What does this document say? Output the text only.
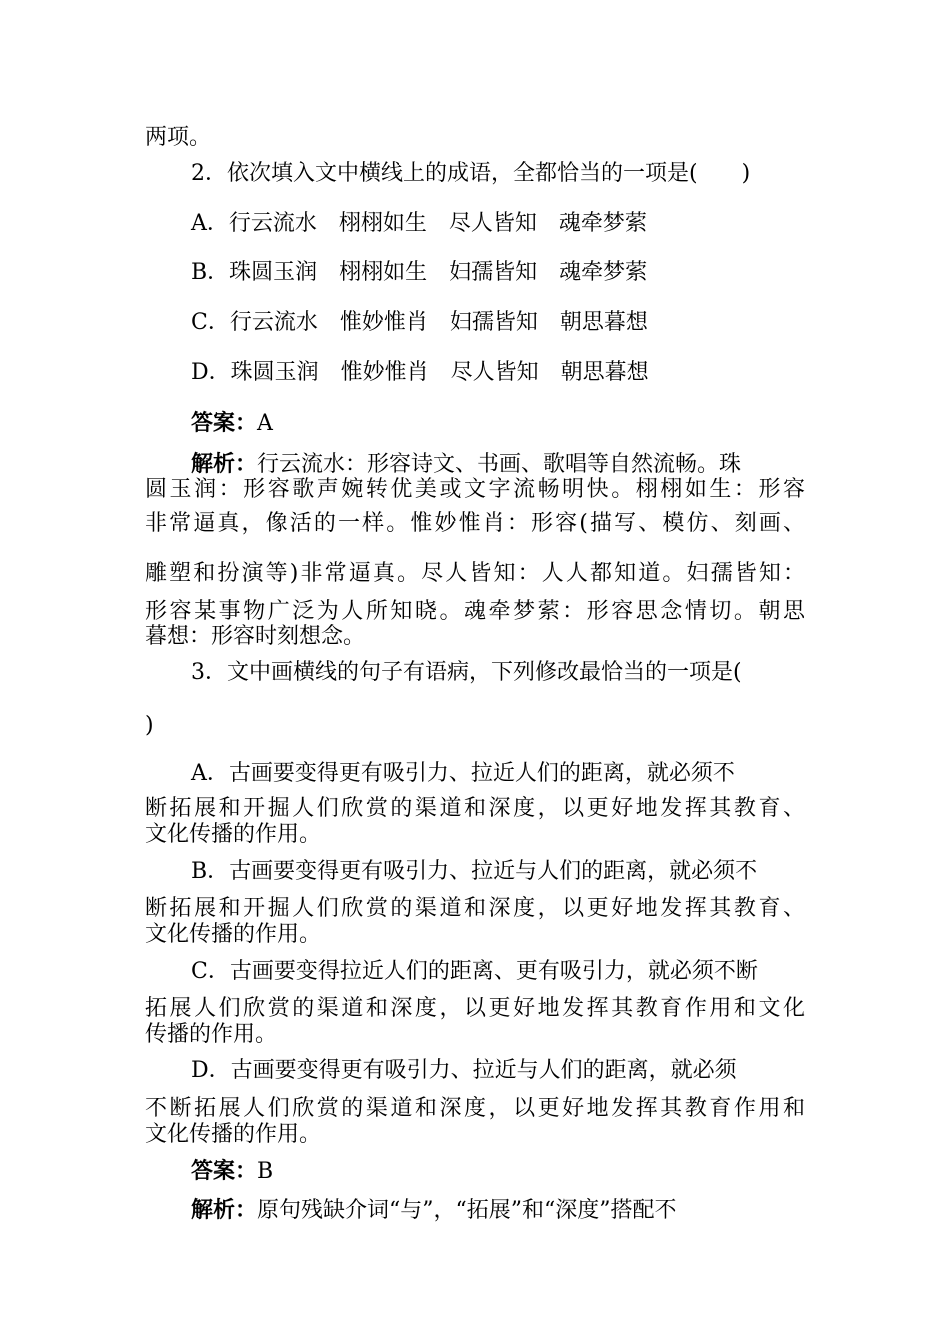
两项。
2．依次填入文中横线上的成语，全都恰当的一项是(　　)
A．行云流水　栩栩如生　尽人皆知　魂牵梦萦
B．珠圆玉润　栩栩如生　妇孺皆知　魂牵梦萦
C．行云流水　惟妙惟肖　妇孺皆知　朝思暮想
D．珠圆玉润　惟妙惟肖　尽人皆知　朝思暮想
答案：A
解析：行云流水：形容诗文、书画、歌唱等自然流畅。珠
圆玉润：形容歌声婉转优美或文字流畅明快。栩栩如生：形容
非常逼真，像活的一样。惟妙惟肖：形容(描写、模仿、刻画、
雕塑和扮演等)非常逼真。尽人皆知：人人都知道。妇孺皆知：
形容某事物广泛为人所知晓。魂牵梦萦：形容思念情切。朝思
暮想：形容时刻想念。
3．文中画横线的句子有语病，下列修改最恰当的一项是(
)
A．古画要变得更有吸引力、拉近人们的距离，就必须不
断拓展和开掘人们欣赏的渠道和深度，以更好地发挥其教育、
文化传播的作用。
B．古画要变得更有吸引力、拉近与人们的距离，就必须不
断拓展和开掘人们欣赏的渠道和深度，以更好地发挥其教育、
文化传播的作用。
C．古画要变得拉近人们的距离、更有吸引力，就必须不断
拓展人们欣赏的渠道和深度，以更好地发挥其教育作用和文化
传播的作用。
D．古画要变得更有吸引力、拉近与人们的距离，就必须
不断拓展人们欣赏的渠道和深度，以更好地发挥其教育作用和
文化传播的作用。
答案：B
解析：原句残缺介词“与”，“拓展”和“深度”搭配不
